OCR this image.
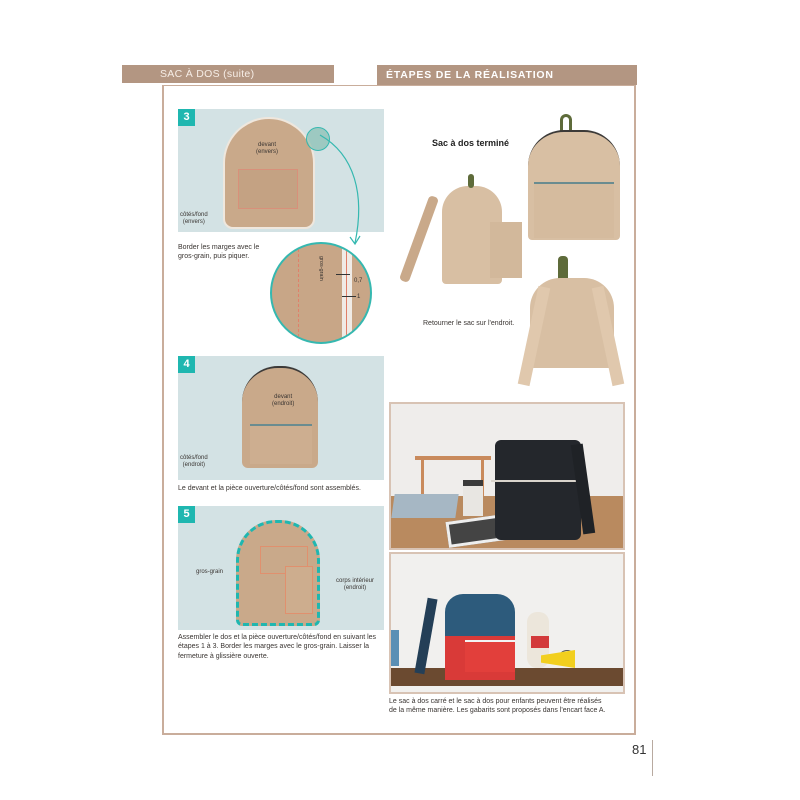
SAC À DOS (suite)	ÉTAPES DE LA RÉALISATION
3
devant
(envers)
côtés/fond
(envers)
Border les marges avec le gros-grain, puis piquer.	gros-grain
0,7
1
4
devant
(endroit)
côtés/fond
(endroit)
Le devant et la pièce ouverture/côtés/fond sont assemblés.
5
gros-grain
corps intérieur
(endroit)
Assembler le dos et la pièce ouverture/côtés/fond en suivant les étapes 1 à 3. Border les marges avec le gros-grain. Laisser la fermeture à glissière ouverte.
Sac à dos terminé
Retourner le sac sur l'endroit.
Le sac à dos carré et le sac à dos pour enfants peuvent être réalisés de la même manière. Les gabarits sont proposés dans l'encart face A.
81
